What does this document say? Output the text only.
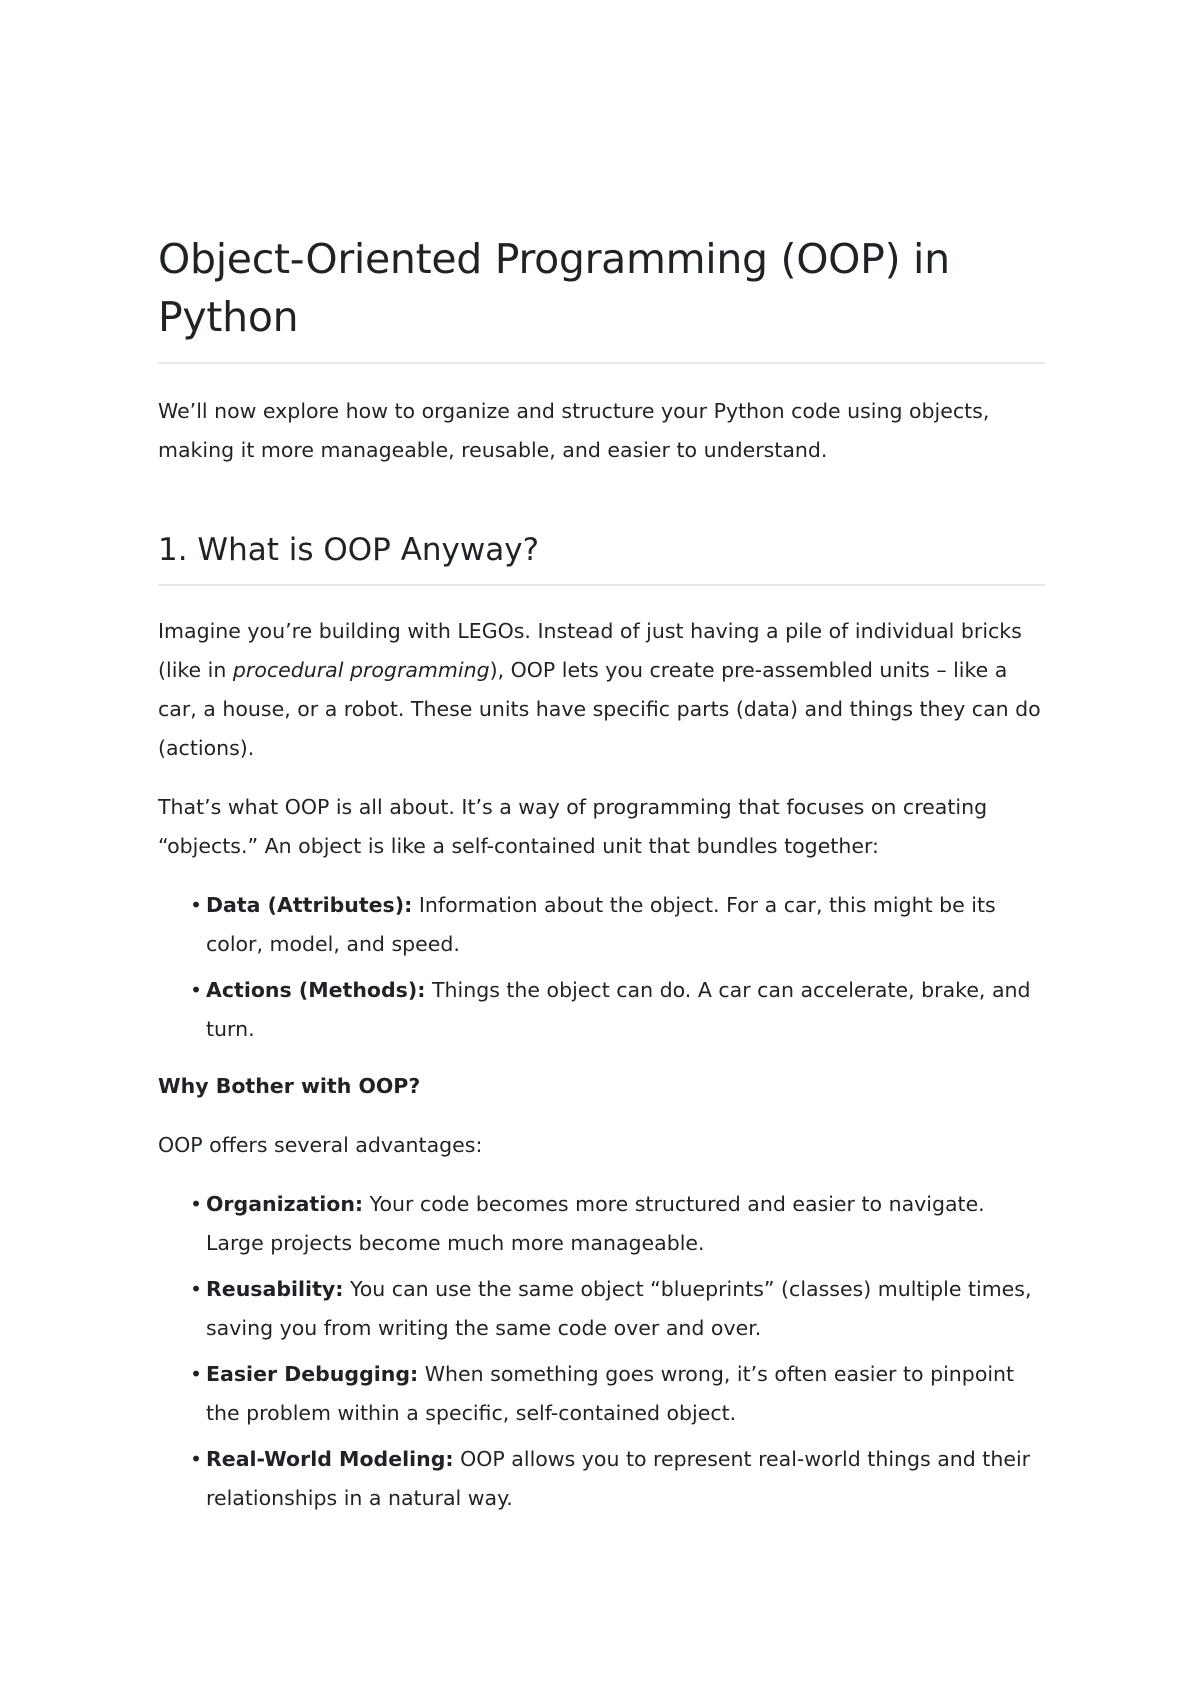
Object-Oriented Programming (OOP) in Python

We’ll now explore how to organize and structure your Python code using objects, making it more manageable, reusable, and easier to understand.

1. What is OOP Anyway?

Imagine you’re building with LEGOs. Instead of just having a pile of individual bricks (like in procedural programming), OOP lets you create pre-assembled units – like a car, a house, or a robot. These units have specific parts (data) and things they can do (actions).

That’s what OOP is all about. It’s a way of programming that focuses on creating “objects.” An object is like a self-contained unit that bundles together:

• Data (Attributes): Information about the object. For a car, this might be its color, model, and speed.
• Actions (Methods): Things the object can do. A car can accelerate, brake, and turn.
Why Bother with OOP?

OOP offers several advantages:

• Organization: Your code becomes more structured and easier to navigate. Large projects become much more manageable.
• Reusability: You can use the same object “blueprints” (classes) multiple times, saving you from writing the same code over and over.
• Easier Debugging: When something goes wrong, it’s often easier to pinpoint the problem within a specific, self-contained object.
• Real-World Modeling: OOP allows you to represent real-world things and their relationships in a natural way.
